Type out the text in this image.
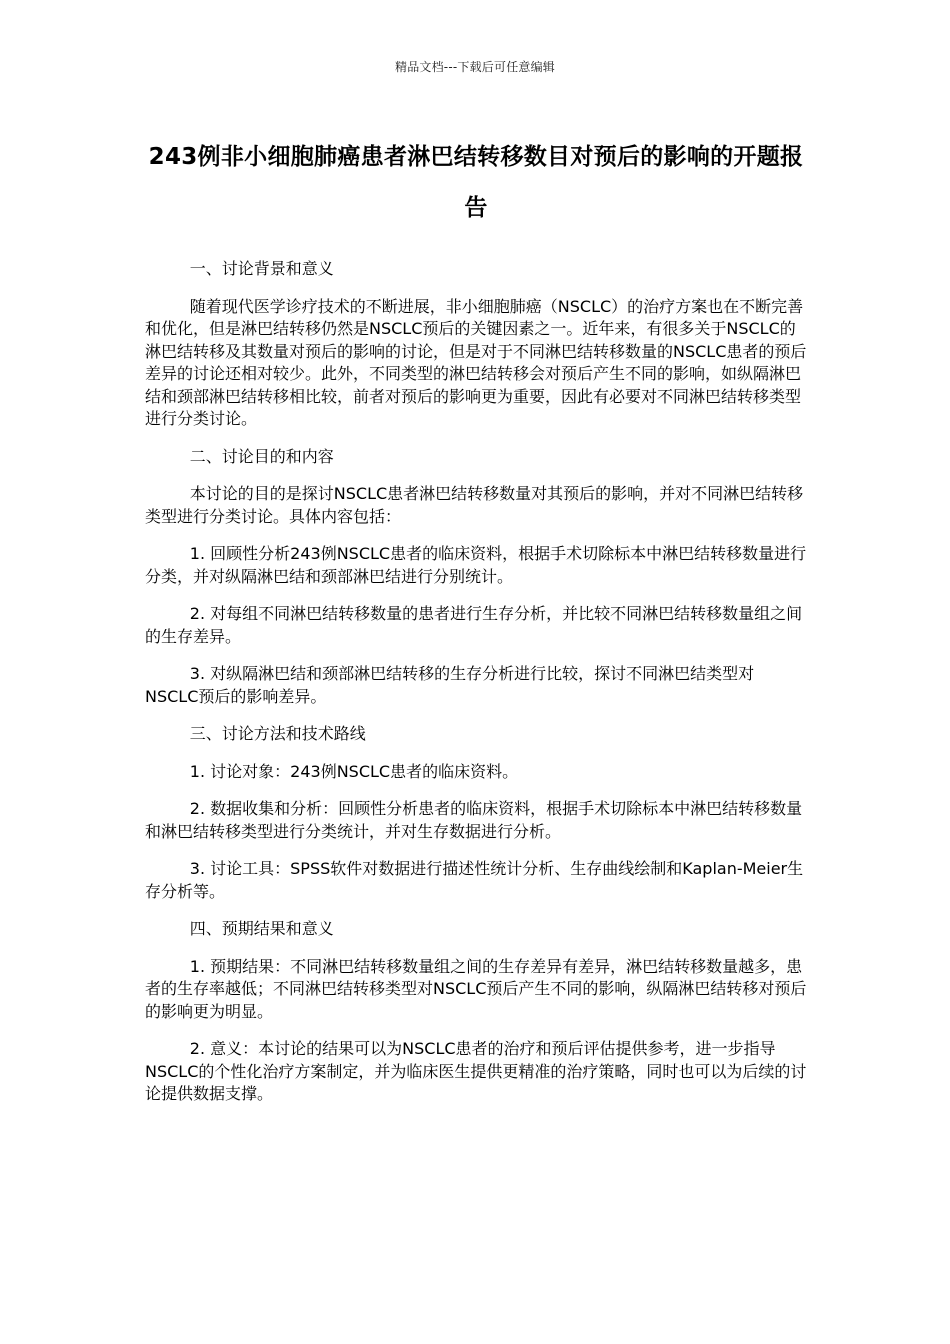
精品文档---下载后可任意编辑
243例非小细胞肺癌患者淋巴结转移数目对预后的影响的开题报告

一、讨论背景和意义

随着现代医学诊疗技术的不断进展，非小细胞肺癌（NSCLC）的治疗方案也在不断完善和优化，但是淋巴结转移仍然是NSCLC预后的关键因素之一。近年来，有很多关于NSCLC的淋巴结转移及其数量对预后的影响的讨论，但是对于不同淋巴结转移数量的NSCLC患者的预后差异的讨论还相对较少。此外，不同类型的淋巴结转移会对预后产生不同的影响，如纵隔淋巴结和颈部淋巴结转移相比较，前者对预后的影响更为重要，因此有必要对不同淋巴结转移类型进行分类讨论。

二、讨论目的和内容

本讨论的目的是探讨NSCLC患者淋巴结转移数量对其预后的影响，并对不同淋巴结转移类型进行分类讨论。具体内容包括：

1. 回顾性分析243例NSCLC患者的临床资料，根据手术切除标本中淋巴结转移数量进行分类，并对纵隔淋巴结和颈部淋巴结进行分别统计。

2. 对每组不同淋巴结转移数量的患者进行生存分析，并比较不同淋巴结转移数量组之间的生存差异。

3. 对纵隔淋巴结和颈部淋巴结转移的生存分析进行比较，探讨不同淋巴结类型对NSCLC预后的影响差异。

三、讨论方法和技术路线

1. 讨论对象：243例NSCLC患者的临床资料。

2. 数据收集和分析：回顾性分析患者的临床资料，根据手术切除标本中淋巴结转移数量和淋巴结转移类型进行分类统计，并对生存数据进行分析。

3. 讨论工具：SPSS软件对数据进行描述性统计分析、生存曲线绘制和Kaplan-Meier生存分析等。

四、预期结果和意义

1. 预期结果：不同淋巴结转移数量组之间的生存差异有差异，淋巴结转移数量越多，患者的生存率越低；不同淋巴结转移类型对NSCLC预后产生不同的影响，纵隔淋巴结转移对预后的影响更为明显。

2. 意义：本讨论的结果可以为NSCLC患者的治疗和预后评估提供参考，进一步指导NSCLC的个性化治疗方案制定，并为临床医生提供更精准的治疗策略，同时也可以为后续的讨论提供数据支撑。
